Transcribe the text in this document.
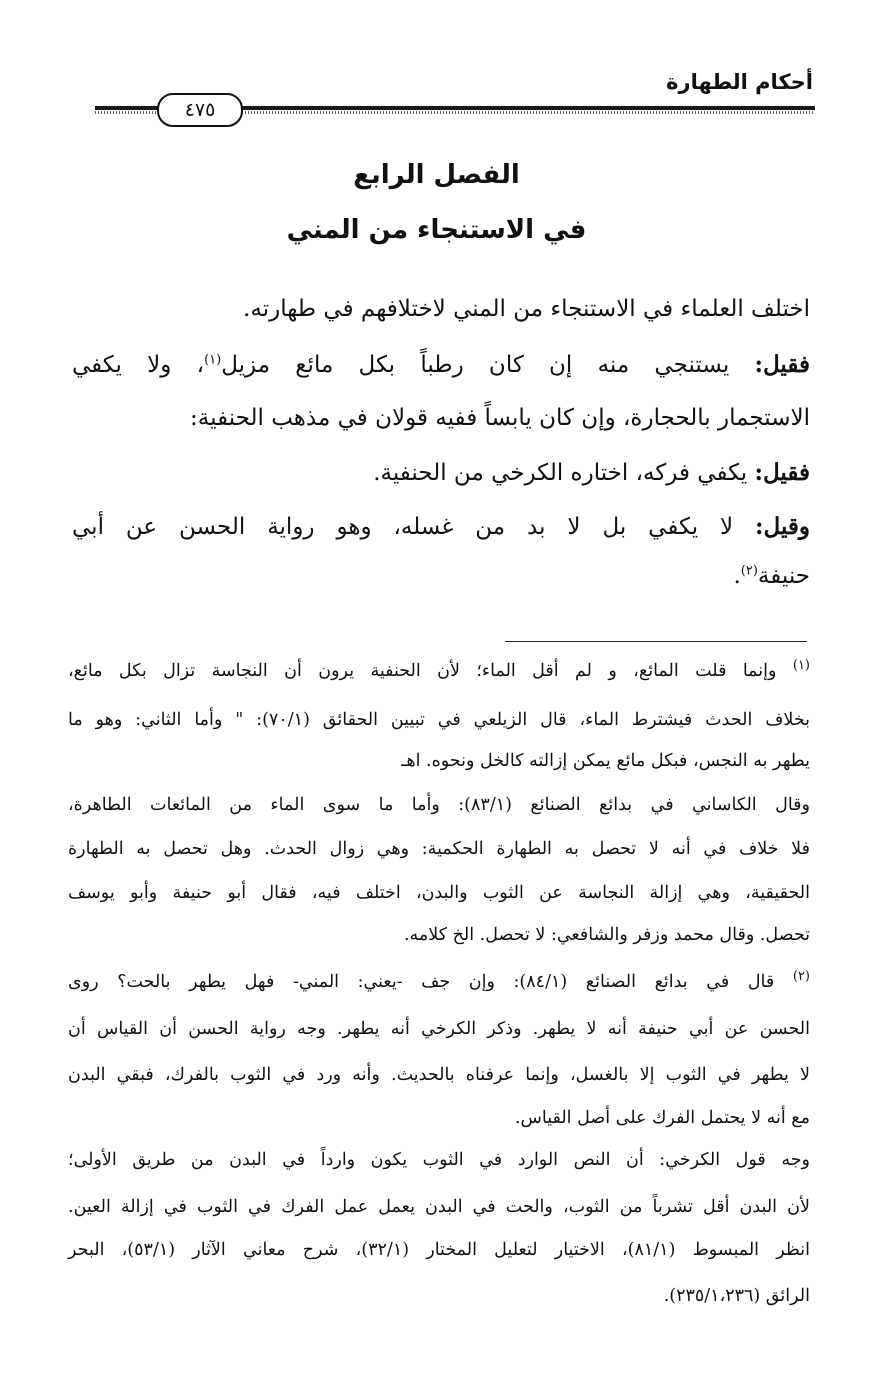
أحكام الطهارة
٤٧٥
الفصل الرابع
في الاستنجاء من المني
اختلف العلماء في الاستنجاء من المني لاختلافهم في طهارته.
فقيل: يستنجي منه إن كان رطباً بكل مائع مزيل$^{(١)}$، ولا يكفي
الاستجمار بالحجارة، وإن كان يابساً ففيه قولان في مذهب الحنفية:
فقيل: يكفي فركه، اختاره الكرخي من الحنفية.
وقيل: لا يكفي بل لا بد من غسله، وهو رواية الحسن عن أبي
حنيفة$^{(٢)}$.
$^{(١)}$ وإنما قلت المائع، و لم أقل الماء؛ لأن الحنفية يرون أن النجاسة تزال بكل مائع،
بخلاف الحدث فيشترط الماء، قال الزيلعي في تبيين الحقائق (٧٠/١): " وأما الثاني: وهو ما
يطهر به النجس، فبكل مائع يمكن إزالته كالخل ونحوه. اهـ
وقال الكاساني في بدائع الصنائع (٨٣/١): وأما ما سوى الماء من المائعات الطاهرة،
فلا خلاف في أنه لا تحصل به الطهارة الحكمية: وهي زوال الحدث. وهل تحصل به الطهارة
الحقيقية، وهي إزالة النجاسة عن الثوب والبدن، اختلف فيه، فقال أبو حنيفة وأبو يوسف
تحصل. وقال محمد وزفر والشافعي: لا تحصل. الخ كلامه.
$^{(٢)}$ قال في بدائع الصنائع (٨٤/١): وإن جف -يعني: المني- فهل يطهر بالحت؟ روى
الحسن عن أبي حنيفة أنه لا يطهر. وذكر الكرخي أنه يطهر. وجه رواية الحسن أن القياس أن
لا يطهر في الثوب إلا بالغسل، وإنما عرفناه بالحديث. وأنه ورد في الثوب بالفرك، فبقي البدن
مع أنه لا يحتمل الفرك على أصل القياس.
وجه قول الكرخي: أن النص الوارد في الثوب يكون وارداً في البدن من طريق الأولى؛
لأن البدن أقل تشرباً من الثوب، والحت في البدن يعمل عمل الفرك في الثوب في إزالة العين.
انظر المبسوط (٨١/١)، الاختيار لتعليل المختار (٣٢/١)، شرح معاني الآثار (٥٣/١)، البحر
الرائق (٢٣٥/١،٢٣٦).
